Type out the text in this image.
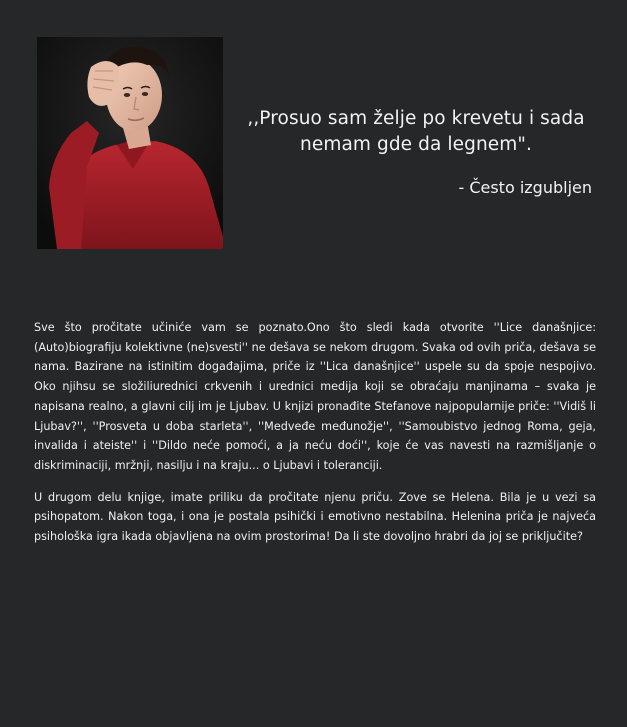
,,Prosuo sam želje po krevetu i sada
nemam gde da legnem".
- Često izgubljen

Sve što pročitate učiniće vam se poznato.Ono što sledi kada otvorite ''Lice današnjice: (Auto)biografiju kolektivne (ne)svesti'' ne dešava se nekom drugom. Svaka od ovih priča, dešava se nama. Bazirane na istinitim događajima, priče iz ''Lica današnjice'' uspele su da spoje nespojivo. Oko njihsu se složiliurednici crkvenih i urednici medija koji se obraćaju manjinama – svaka je napisana realno, a glavni cilj im je Ljubav. U knjizi pronađite Stefanove najpopularnije priče: ''Vidiš li Ljubav?'', ''Prosveta u doba starleta'', ''Medveđe međunožje'', ''Samoubistvo jednog Roma, geja, invalida i ateiste'' i ''Dildo neće pomoći, a ja neću doći'', koje će vas navesti na razmišljanje o diskriminaciji, mržnji, nasilju i na kraju... o Ljubavi i toleranciji.

U drugom delu knjige, imate priliku da pročitate njenu priču. Zove se Helena. Bila je u vezi sa psihopatom. Nakon toga, i ona je postala psihički i emotivno nestabilna. Helenina priča je najveća psihološka igra ikada objavljena na ovim prostorima! Da li ste dovoljno hrabri da joj se priključite?
